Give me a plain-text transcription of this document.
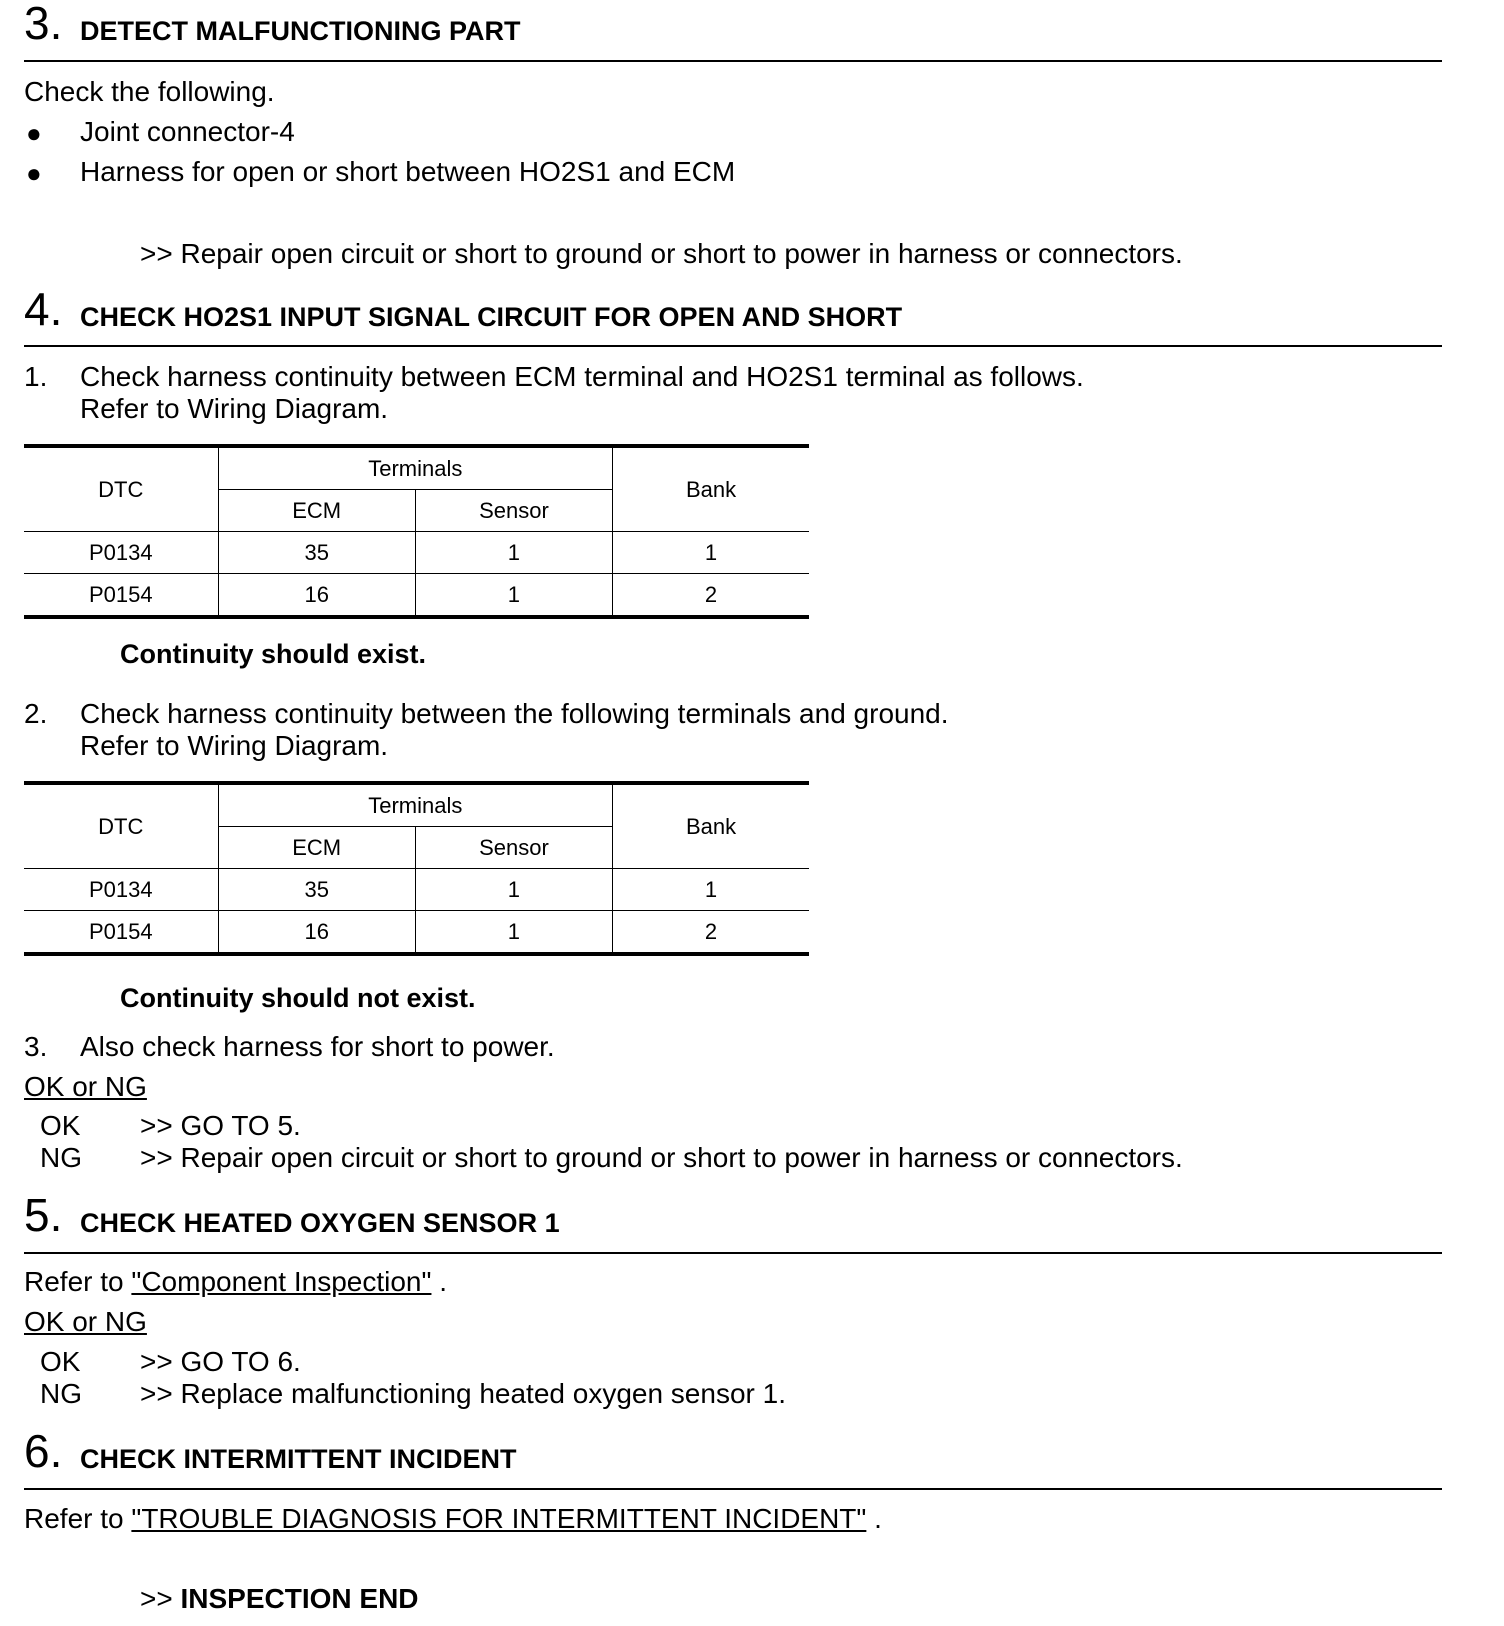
3. DETECT MALFUNCTIONING PART
Check the following.
● Joint connector-4
● Harness for open or short between HO2S1 and ECM
>> Repair open circuit or short to ground or short to power in harness or connectors.
4. CHECK HO2S1 INPUT SIGNAL CIRCUIT FOR OPEN AND SHORT
1. Check harness continuity between ECM terminal and HO2S1 terminal as follows.
Refer to Wiring Diagram.
DTC	Terminals		Bank
	ECM	Sensor	
P0134	35	1	1
P0154	16	1	2
Continuity should exist.
2. Check harness continuity between the following terminals and ground.
Refer to Wiring Diagram.
DTC	Terminals		Bank
	ECM	Sensor	
P0134	35	1	1
P0154	16	1	2
Continuity should not exist.
3. Also check harness for short to power.
OK or NG
OK >> GO TO 5.
NG >> Repair open circuit or short to ground or short to power in harness or connectors.
5. CHECK HEATED OXYGEN SENSOR 1
Refer to "Component Inspection" .
OK or NG
OK >> GO TO 6.
NG >> Replace malfunctioning heated oxygen sensor 1.
6. CHECK INTERMITTENT INCIDENT
Refer to "TROUBLE DIAGNOSIS FOR INTERMITTENT INCIDENT" .
>> INSPECTION END
